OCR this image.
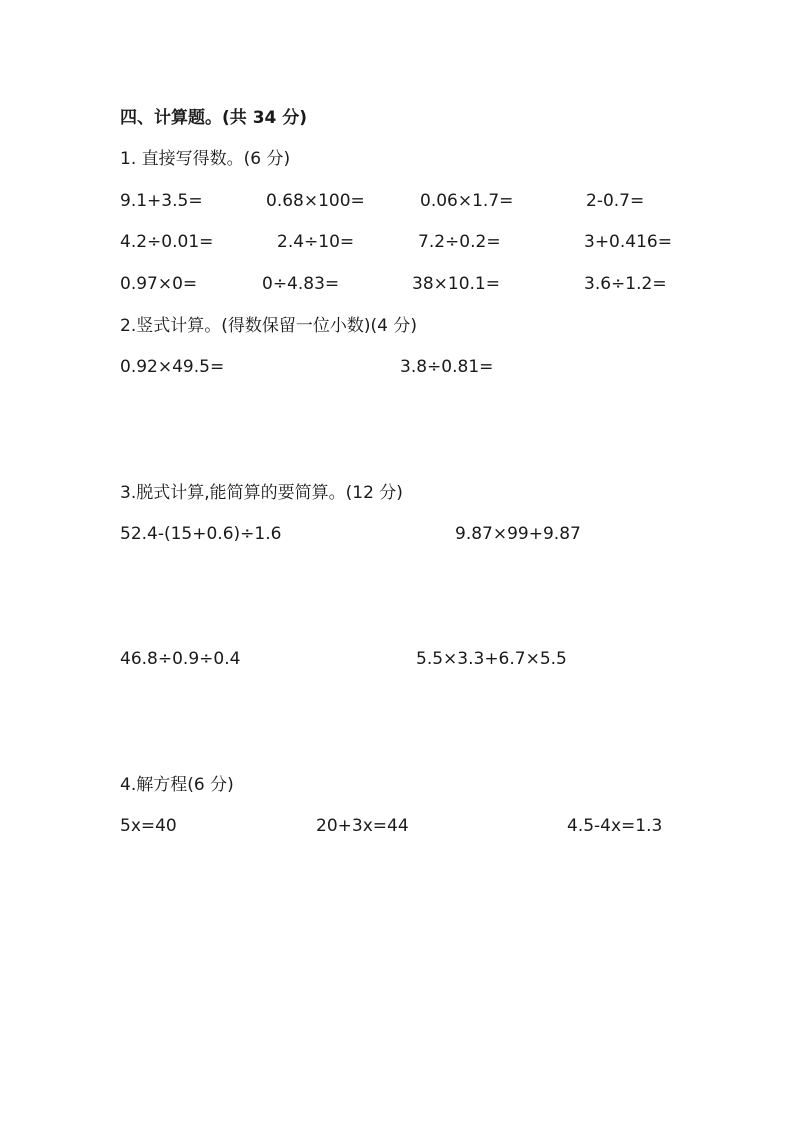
四、计算题。(共 34 分)
1. 直接写得数。(6 分)
9.1+3.5=	0.68×100=	0.06×1.7=	2-0.7=
4.2÷0.01=	2.4÷10=	7.2÷0.2=	3+0.416=
0.97×0=	0÷4.83=	38×10.1=	3.6÷1.2=
2.竖式计算。(得数保留一位小数)(4 分)
0.92×49.5=	3.8÷0.81=
3.脱式计算,能简算的要简算。(12 分)
52.4-(15+0.6)÷1.6	9.87×99+9.87
46.8÷0.9÷0.4	5.5×3.3+6.7×5.5
4.解方程(6 分)
5x=40	20+3x=44	4.5-4x=1.3
